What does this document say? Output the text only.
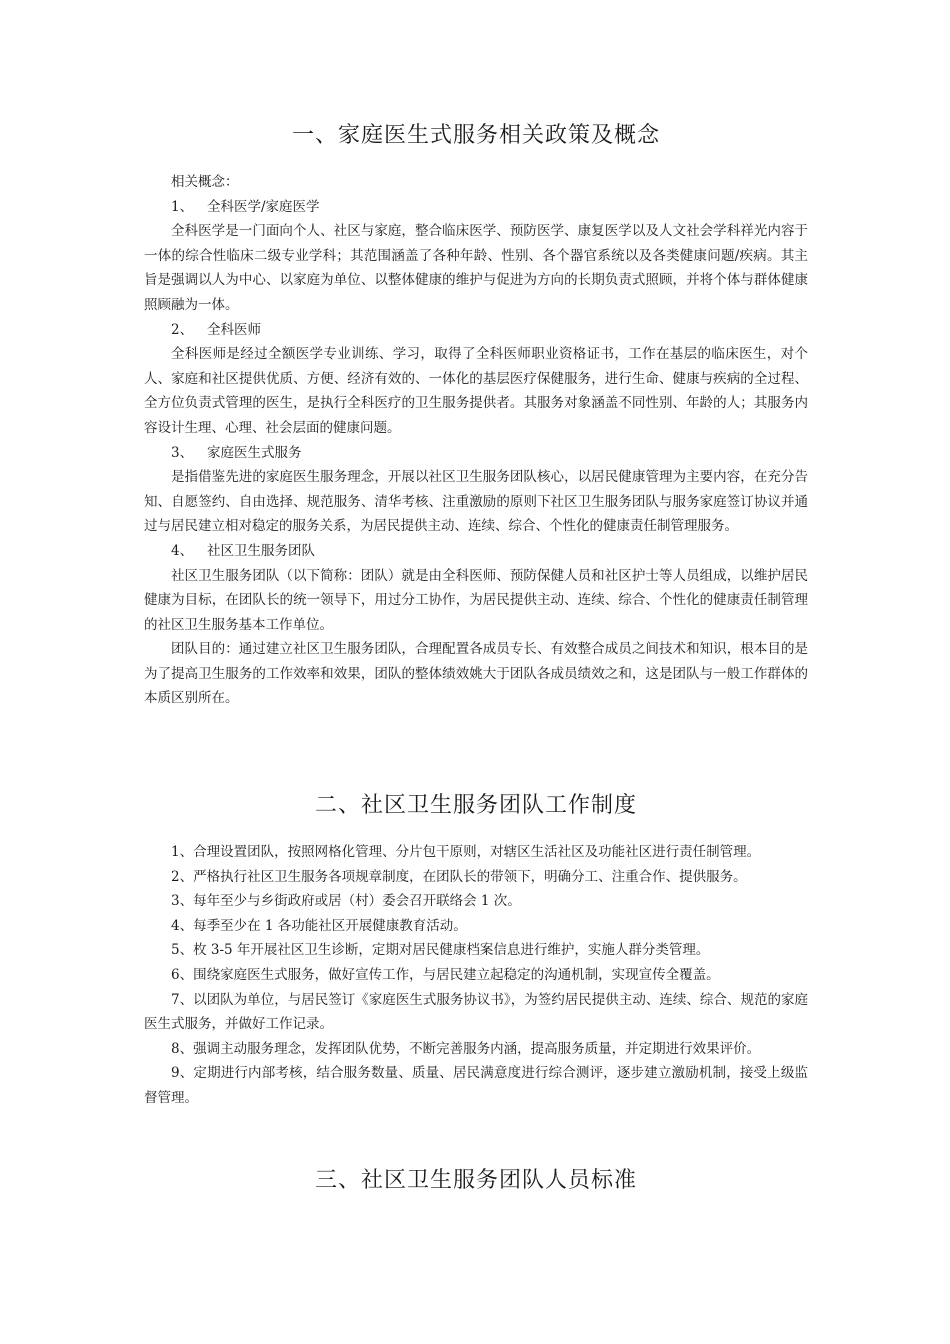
一、家庭医生式服务相关政策及概念

相关概念：

1、 全科医学/家庭医学

全科医学是一门面向个人、社区与家庭，整合临床医学、预防医学、康复医学以及人文社会学科祥光内容于一体的综合性临床二级专业学科；其范围涵盖了各种年龄、性别、各个器官系统以及各类健康问题/疾病。其主旨是强调以人为中心、以家庭为单位、以整体健康的维护与促进为方向的长期负责式照顾，并将个体与群体健康照顾融为一体。

2、 全科医师

全科医师是经过全额医学专业训练、学习，取得了全科医师职业资格证书，工作在基层的临床医生，对个人、家庭和社区提供优质、方便、经济有效的、一体化的基层医疗保健服务，进行生命、健康与疾病的全过程、全方位负责式管理的医生，是执行全科医疗的卫生服务提供者。其服务对象涵盖不同性别、年龄的人；其服务内容设计生理、心理、社会层面的健康问题。

3、 家庭医生式服务

是指借鉴先进的家庭医生服务理念，开展以社区卫生服务团队核心，以居民健康管理为主要内容，在充分告知、自愿签约、自由选择、规范服务、清华考核、注重激励的原则下社区卫生服务团队与服务家庭签订协议并通过与居民建立相对稳定的服务关系，为居民提供主动、连续、综合、个性化的健康责任制管理服务。

4、 社区卫生服务团队

社区卫生服务团队（以下简称：团队）就是由全科医师、预防保健人员和社区护士等人员组成，以维护居民健康为目标，在团队长的统一领导下，用过分工协作，为居民提供主动、连续、综合、个性化的健康责任制管理的社区卫生服务基本工作单位。

团队目的：通过建立社区卫生服务团队，合理配置各成员专长、有效整合成员之间技术和知识，根本目的是为了提高卫生服务的工作效率和效果，团队的整体绩效姚大于团队各成员绩效之和，这是团队与一般工作群体的本质区别所在。

二、社区卫生服务团队工作制度

1、合理设置团队，按照网格化管理、分片包干原则，对辖区生活社区及功能社区进行责任制管理。

2、严格执行社区卫生服务各项规章制度，在团队长的带领下，明确分工、注重合作、提供服务。

3、每年至少与乡街政府或居（村）委会召开联络会 1 次。

4、每季至少在 1 各功能社区开展健康教育活动。

5、枚 3-5 年开展社区卫生诊断，定期对居民健康档案信息进行维护，实施人群分类管理。

6、围绕家庭医生式服务，做好宣传工作，与居民建立起稳定的沟通机制，实现宣传全覆盖。

7、以团队为单位，与居民签订《家庭医生式服务协议书》，为签约居民提供主动、连续、综合、规范的家庭医生式服务，并做好工作记录。

8、强调主动服务理念，发挥团队优势，不断完善服务内涵，提高服务质量，并定期进行效果评价。

9、定期进行内部考核，结合服务数量、质量、居民满意度进行综合测评，逐步建立激励机制，接受上级监督管理。

三、社区卫生服务团队人员标准
